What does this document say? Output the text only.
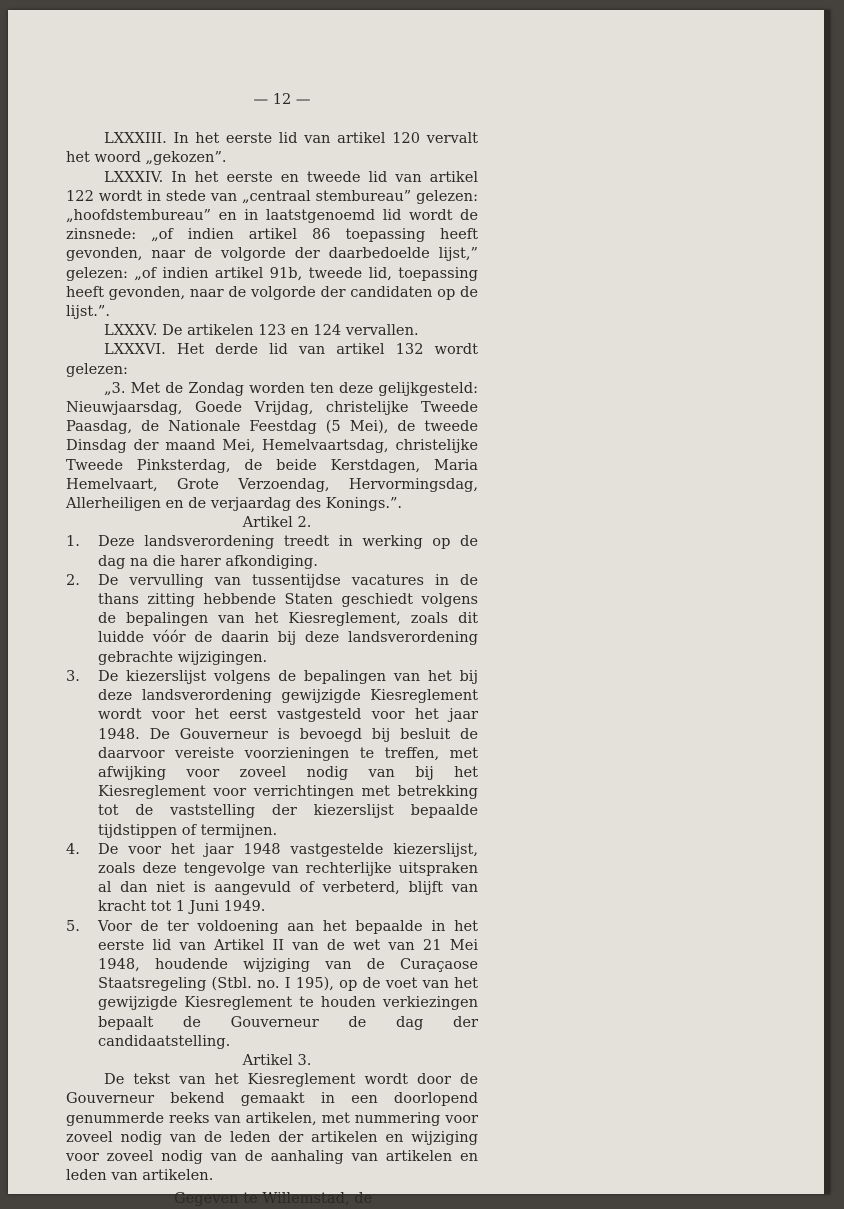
— 12 —

LXXXIII. In het eerste lid van artikel 120 vervalt het woord „gekozen”.

LXXXIV. In het eerste en tweede lid van artikel 122 wordt in stede van „centraal stembureau” gelezen: „hoofdstembureau” en in laatstgenoemd lid wordt de zinsnede: „of indien artikel 86 toepassing heeft gevonden, naar de volgorde der daarbedoelde lijst,” gelezen: „of indien artikel 91b, tweede lid, toepassing heeft gevonden, naar de volgorde der candidaten op de lijst.”.

LXXXV. De artikelen 123 en 124 vervallen.

LXXXVI. Het derde lid van artikel 132 wordt gelezen:

„3. Met de Zondag worden ten deze gelijkgesteld: Nieuwjaarsdag, Goede Vrijdag, christelijke Tweede Paasdag, de Nationale Feestdag (5 Mei), de tweede Dinsdag der maand Mei, Hemelvaartsdag, christelijke Tweede Pinksterdag, de beide Kerstdagen, Maria Hemelvaart, Grote Verzoendag, Hervormingsdag, Allerheiligen en de verjaardag des Konings.”.

Artikel 2.

1. Deze landsverordening treedt in werking op de dag na die harer afkondiging.
2. De vervulling van tussentijdse vacatures in de thans zitting hebbende Staten geschiedt volgens de bepalingen van het Kiesreglement, zoals dit luidde vóór de daarin bij deze landsverordening gebrachte wijzigingen.
3. De kiezerslijst volgens de bepalingen van het bij deze landsverordening gewijzigde Kiesreglement wordt voor het eerst vastgesteld voor het jaar 1948. De Gouverneur is bevoegd bij besluit de daarvoor vereiste voorzieningen te treffen, met afwijking voor zoveel nodig van bij het Kiesreglement voor verrichtingen met betrekking tot de vaststelling der kiezerslijst bepaalde tijdstippen of termijnen.
4. De voor het jaar 1948 vastgestelde kiezerslijst, zoals deze tengevolge van rechterlijke uitspraken al dan niet is aangevuld of verbeterd, blijft van kracht tot 1 Juni 1949.
5. Voor de ter voldoening aan het bepaalde in het eerste lid van Artikel II van de wet van 21 Mei 1948, houdende wijziging van de Curaçaose Staatsregeling (Stbl. no. I 195), op de voet van het gewijzigde Kiesreglement te houden verkiezingen bepaalt de Gouverneur de dag der candidaatstelling.

Artikel 3.

De tekst van het Kiesreglement wordt door de Gouverneur bekend gemaakt in een doorlopend genummerde reeks van artikelen, met nummering voor zoveel nodig van de leden der artikelen en wijziging voor zoveel nodig van de aanhaling van artikelen en leden van artikelen.

Gegeven te Willemstad, de
